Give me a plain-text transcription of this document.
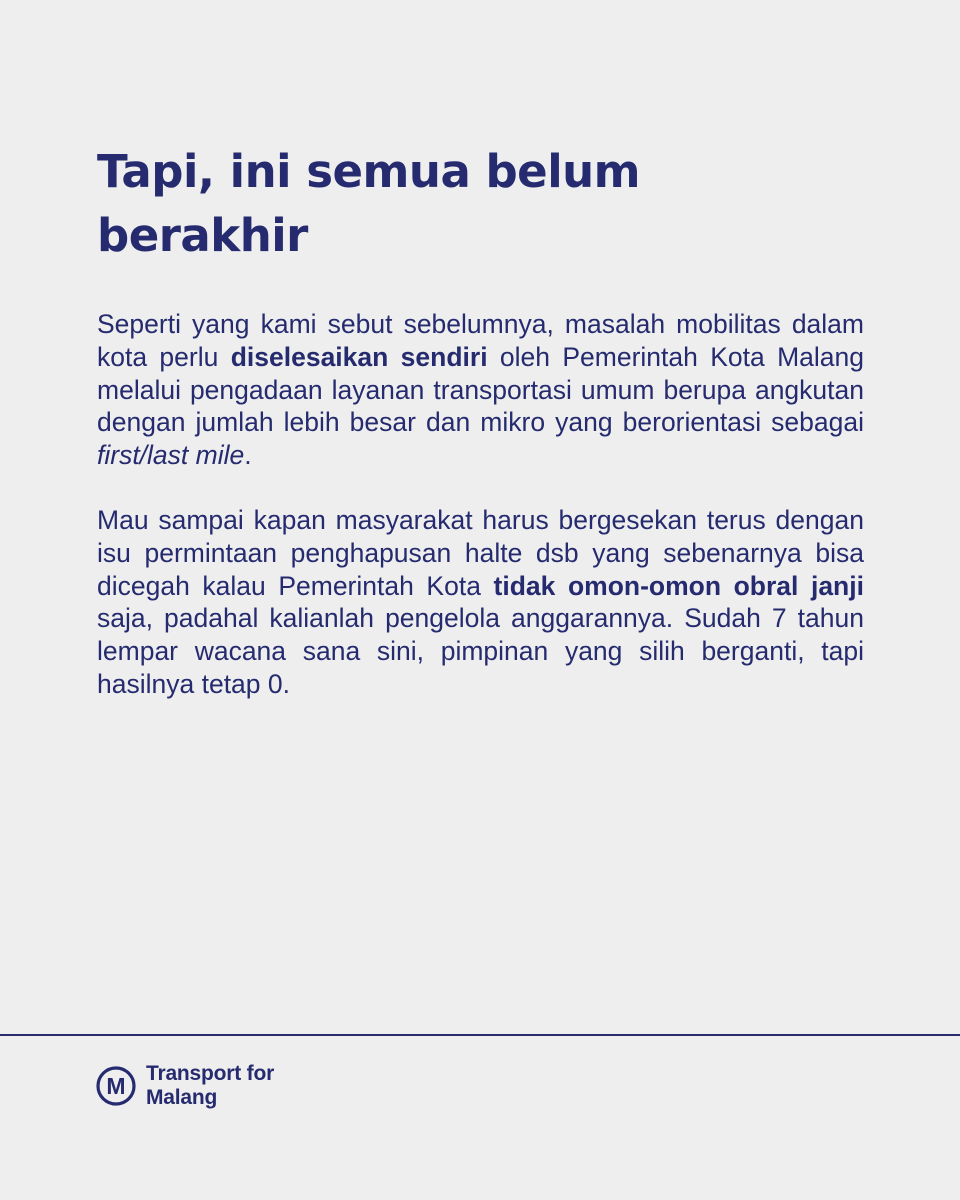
Tapi, ini semua belum berakhir

Seperti yang kami sebut sebelumnya, masalah mobilitas dalam kota perlu diselesaikan sendiri oleh Pemerintah Kota Malang melalui pengadaan layanan transportasi umum berupa angkutan dengan jumlah lebih besar dan mikro yang berorientasi sebagai first/last mile.

Mau sampai kapan masyarakat harus bergesekan terus dengan isu permintaan penghapusan halte dsb yang sebenarnya bisa dicegah kalau Pemerintah Kota tidak omon-omon obral janji saja, padahal kalianlah pengelola anggarannya. Sudah 7 tahun lempar wacana sana sini, pimpinan yang silih berganti, tapi hasilnya tetap 0.

M Transport for
Malang
